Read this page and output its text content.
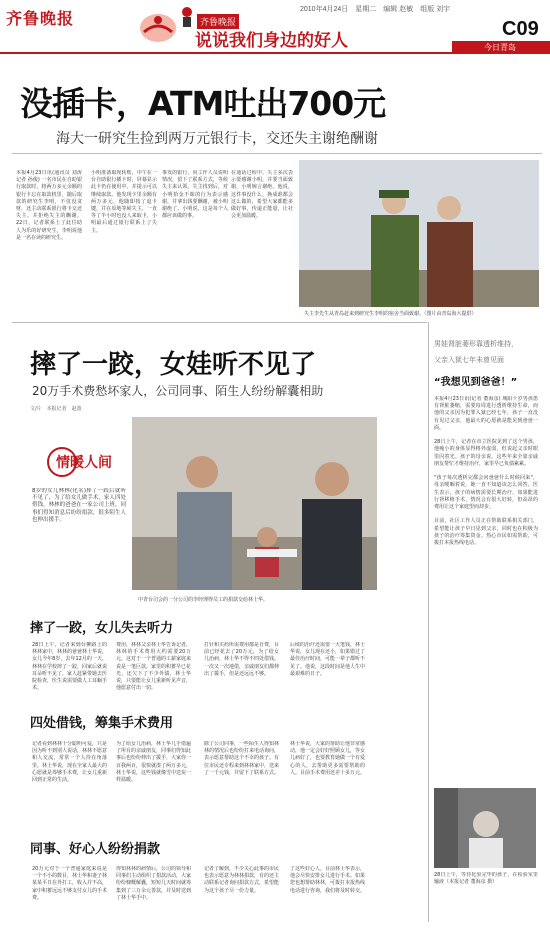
齐鲁晚报	齐鲁晚报
说说我们身边的好人
2010年4月24日　星期二　编辑 赵敏　组版 刘宇
C09
今日青岛
没插卡，ATM吐出700元
海大一研究生捡到两万元银行卡，交还失主谢绝酬谢
本报4月23日讯(通讯员 刘涛 记者 孙俊) 一名市民在自助银行取款时，将两万多元余额的银行卡忘在取款机里，随后取款的研究生李明，不仅没贪财，还主动联系银行将卡交还失主。并拒绝失主的酬谢。22日，记者联系上了此位助人为乐的好研究生，李明说他是一名在读的研究生。
小明准备取现转账，中午在一台自助银行插卡时，屏幕显示此卡仍在使用中，并提示可以继续取款。他发现卡里余额有两万多元，他随即按了退卡键，并在原地等候失主，一直等了半小时也没人来取卡，小明最后通过银行联系上了失主。
事发的银行，向工作人员说明情况，留下了联系方式，等候失主来认领。失主找到后，对小明拾金不昧的行为表示感谢，并拿出钱要酬谢，被小明谢绝了。小明说，这是每个人都应该做的事。
在通话过程中，失主多次表示要感谢小明，并要当面致谢，小明婉言谢绝。他说，这件事没什么，换成谁都会这么做的，希望大家都能多做好事，传递正能量，让社会更加温暖。
失主李先生从青岛赶来到研究生李明的宿舍当面致谢。（图片由青岛海大提供）
摔了一跤，女娃听不见了
20万手术费愁坏家人，公司同事、陌生人纷纷解囊相助
文/片　本报记者　赵波
情暖人间
8岁的女儿林林(化名)摔了一跤后就听不见了，为了给女儿做手术，家人四处借钱，林林的爸爸在一家公司上班，同事们得知消息后纷纷捐款，很多陌生人也伸出援手。
中青台司会的一分公司的李经理得员工的捐款交给林士华。
摔了一跤，女儿失去听力
28日上午，记者来到台柳路上的林林家中，林林的爸爸林士华说，女儿今年8岁，去年12月的一天，林林在学校摔了一跤，回家后就说耳朵听不见了，家人赶紧带她去医院检查，医生说需要做人工耳蜗手术。
费用，林林父亲林士华告诉记者，林林的手术费用大约需要20万元，这对于一个普通的工薪家庭来说是一笔巨款。家里的积蓄早已花光，还欠下了不少外债，林士华说，只要能让女儿重新听见声音，他愿意付出一切。
打针和买药所需费用都是自费，目前已经花去了20万元，为了给女儿治病，林士华不得不四处借钱。一次又一次地借，亲戚朋友们都伸出了援手，但是还远远不够。
后续的治疗还需要一大笔钱，林士华说，女儿现在还小，如果错过了最佳治疗时间，可能一辈子都听不见了。他说，这段时间是他人生中最艰难的日子。
四处借钱，筹集手术费用
记者看到林林十分聪明可爱，只是因为听不到别人说话，林林不愿意和人交流，常常一个人待在角落里。林士华说，现在全家人最大的心愿就是筹够手术费，让女儿重新回到正常的生活。
为了给女儿治病，林士华几乎借遍了所有的亲戚朋友，同事们得知此事后也纷纷伸出了援手，大家你一百我两百，很快就凑了两万多元，林士华说，这些钱就像雪中送炭一样温暖。
除了公司同事，一些陌生人得知林林的情况后也纷纷打来电话询问，表示愿意帮助这个不幸的孩子。有位市民还专程来到林林家中，送来了一千元钱，并留下了联系方式。
林士华说，大家的帮助让他非常感动，他一定会好好照顾女儿，等女儿病好了，也要教育她做一个有爱心的人，去帮助更多需要帮助的人。目前手术费用还差十多万元。
同事、好心人纷纷捐款
20万元对于一个普通家庭来说是一个不小的数目，林士华和妻子林某某平日在外打工，收入并不高，家中积蓄远远不够支付女儿的手术费。
得知林林的病情后，公司的领导和同事们主动组织了捐款活动，大家纷纷慷慨解囊，短短几天时间就筹集到了三万余元善款，并及时送到了林士华手中。
记者了解到，不少关心此事的市民也表示愿意为林林捐款，有的还主动联系记者询问捐款方式，希望能为这个孩子尽一份力量。
了这些好心人，目前林士华表示，他会尽快安排女儿进行手术。如果您也想帮助林林，可拨打本报热线电话进行咨询，我们将及时转交。
男娃肾脏萎形靠透析维持，
父亲入狱七年未曾见面
“我想见到爸爸！”
本报4月23日讯(记者 董海彦) 城阳十岁男孩患有肾脏萎缩，需要每周进行透析维持生命，而他的父亲因为犯罪入狱已经七年，孩子一直没有见过父亲，他最大的心愿就是能见到爸爸一面。

28日上午，记者在市立医院见到了这个男孩，他瘦小的身体显得格外虚弱，但说起父亲时眼里闪着光。孩子的母亲说，这些年来全靠亲戚朋友帮忙才维持治疗，家里早已负债累累。

"孩子每次透析完都会问爸爸什么时候回来"，母亲哽咽着说，她一直不知道该怎么回答。医生表示，孩子的病情需要长期治疗，如果能进行肾移植手术，情况会有很大好转，但高昂的费用让这个家庭望而却步。

目前，社区工作人员正在帮助联系相关部门，希望能让孩子早日见到父亲，同时也在积极为孩子的治疗筹集资金。热心市民如需帮助，可拨打本报热线电话。
28日上午，等待化验完毕的孩子，在检验室里输液（本报记者 董海彦 摄）
